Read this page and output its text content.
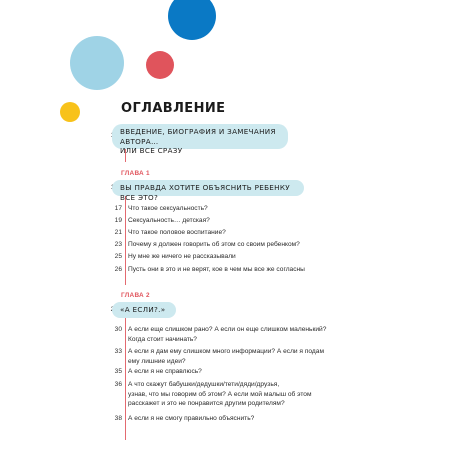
ОГЛАВЛЕНИЕ
ВВЕДЕНИЕ, БИОГРАФИЯ И ЗАМЕЧАНИЯ АВТОРА…
ИЛИ ВСЕ СРАЗУ
ГЛАВА 1
ВЫ ПРАВДА ХОТИТЕ ОБЪЯСНИТЬ РЕБЕНКУ ВСЕ ЭТО?
17 Что такое сексуальность?
19 Сексуальность… детская?
21 Что такое половое воспитание?
23 Почему я должен говорить об этом со своим ребенком?
25 Ну мне же ничего не рассказывали
26 Пусть они в это и не верят, кое в чем мы все же согласны
ГЛАВА 2
«А ЕСЛИ?.»
30 А если еще слишком рано? А если он еще слишком маленький?
Когда стоит начинать?
33 А если я дам ему слишком много информации? А если я подам
ему лишние идеи?
35 А если я не справлюсь?
36 А что скажут бабушки/дедушки/тети/дяди/друзья,
узнав, что мы говорим об этом? А если мой малыш об этом
расскажет и это не понравится другим родителям?
38 А если я не смогу правильно объяснить?
